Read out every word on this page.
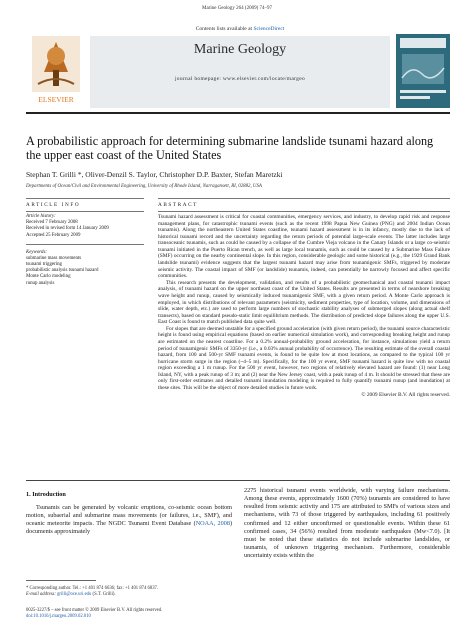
Marine Geology 264 (2009) 74–97
ELSEVIER
Contents lists available at ScienceDirect
Marine Geology
journal homepage: www.elsevier.com/locate/margeo
A probabilistic approach for determining submarine landslide tsunami hazard along the upper east coast of the United States
Stephan T. Grilli *, Oliver-Denzil S. Taylor, Christopher D.P. Baxter, Stefan Maretzki
Departments of Ocean/Civil and Environmental Engineering, University of Rhode Island, Narragansett, RI, 02882, USA
ARTICLE INFO	ABSTRACT
Article history:
Received 7 February 2008
Received in revised form 14 January 2009
Accepted 25 February 2009
Keywords:
submarine mass movements
tsunami triggering
probabilistic analysis tsunami hazard
Monte Carlo modeling
runup analysis

Tsunami hazard assessment is critical for coastal communities, emergency services, and industry, to develop rapid risk and response management plans, for catastrophic tsunami events (such as the recent 1998 Papua New Guinea (PNG) and 2004 Indian Ocean tsunamis). Along the northeastern United States coastline, tsunami hazard assessment is in its infancy, mostly due to the lack of historical tsunami record and the uncertainty regarding the return periods of potential large-scale events. The latter includes large transoceanic tsunamis, such as could be caused by a collapse of the Cumbre Vieja volcano in the Canary Islands or a large co-seismic tsunami initiated in the Puerto Rican trench, as well as large local tsunamis, such as could be caused by a Submarine Mass Failure (SMF) occurring on the nearby continental slope. In this region, considerable geologic and some historical (e.g., the 1929 Grand Bank landslide tsunami) evidence suggests that the largest tsunami hazard may arise from tsunamigenic SMFs, triggered by moderate seismic activity. The coastal impact of SMF (or landslide) tsunamis, indeed, can potentially be narrowly focused and affect specific communities.

This research presents the development, validation, and results of a probabilistic geomechanical and coastal tsunami impact analysis, of tsunami hazard on the upper northeast coast of the United States. Results are presented in terms of nearshore breaking wave height and runup, caused by seismically induced tsunamigenic SMF, with a given return period. A Monte Carlo approach is employed, in which distributions of relevant parameters (seismicity, sediment properties, type of location, volume, and dimensions of slide, water depth, etc.) are used to perform large numbers of stochastic stability analyses of submerged slopes (along actual shelf transects), based on standard pseudo-static limit equilibrium methods. The distribution of predicted slope failures along the upper U.S. East Coast is found to match published data quite well.

For slopes that are deemed unstable for a specified ground acceleration (with given return period), the tsunami source characteristic height is found using empirical equations (based on earlier numerical simulation work), and corresponding breaking height and runup are estimated on the nearest coastline. For a 0.2% annual-probability ground acceleration, for instance, simulations yield a return period of tsunamigenic SMFs of 3350-yr (i.e., a 0.03% annual probability of occurrence). The resulting estimate of the overall coastal hazard, from 100 and 500-yr SMF tsunami events, is found to be quite low at most locations, as compared to the typical 100 yr hurricane storm surge in the region (~4–5 m). Specifically, for the 100 yr event, SMF tsunami hazard is quite low with no coastal region exceeding a 1 m runup. For the 500 yr event, however, two regions of relatively elevated hazard are found: (1) near Long Island, NY, with a peak runup of 3 m; and (2) near the New Jersey coast, with a peak runup of 4 m. It should be stressed that these are only first-order estimates and detailed tsunami inundation modeling is required to fully quantify tsunami runup (and inundation) at these sites. This will be the object of more detailed studies in future work.

© 2009 Elsevier B.V. All rights reserved.
1. Introduction
Tsunamis can be generated by volcanic eruptions, co-seismic ocean bottom motion, subaerial and submarine mass movements (or failures, i.e., SMF), and oceanic meteorite impacts. The NGDC Tsunami Event Database (NOAA, 2008) documents approximately
2275 historical tsunami events worldwide, with varying failure mechanisms. Among these events, approximately 1600 (70%) tsunamis are considered to have resulted from seismic activity and 175 are attributed to SMFs of various sizes and mechanisms, with 73 of those triggered by earthquakes, including 61 positively confirmed and 12 either unconfirmed or questionable events. Within these 61 confirmed cases, 34 (56%) resulted from moderate earthquakes (Mw<7.0). [It must be noted that these statistics do not include submarine landslides, or tsunamis, of unknown triggering mechanism. Furthermore, considerable uncertainty exists within the
* Corresponding author. Tel.: +1 401 874 6636; fax: +1 401 874 6837.
E-mail address: grilli@oce.uri.edu (S.T. Grilli).
0025-3227/$ – see front matter © 2009 Elsevier B.V. All rights reserved.
doi:10.1016/j.margeo.2009.02.010
